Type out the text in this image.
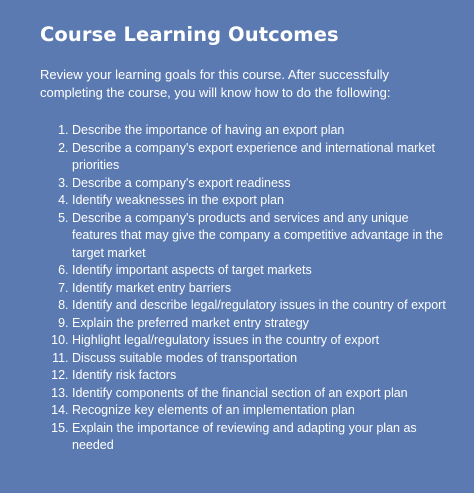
Course Learning Outcomes

Review your learning goals for this course. After successfully completing the course, you will know how to do the following:

1. Describe the importance of having an export plan
2. Describe a company's export experience and international market priorities
3. Describe a company's export readiness
4. Identify weaknesses in the export plan
5. Describe a company's products and services and any unique features that may give the company a competitive advantage in the target market
6. Identify important aspects of target markets
7. Identify market entry barriers
8. Identify and describe legal/regulatory issues in the country of export
9. Explain the preferred market entry strategy
10. Highlight legal/regulatory issues in the country of export
11. Discuss suitable modes of transportation
12. Identify risk factors
13. Identify components of the financial section of an export plan
14. Recognize key elements of an implementation plan
15. Explain the importance of reviewing and adapting your plan as needed
